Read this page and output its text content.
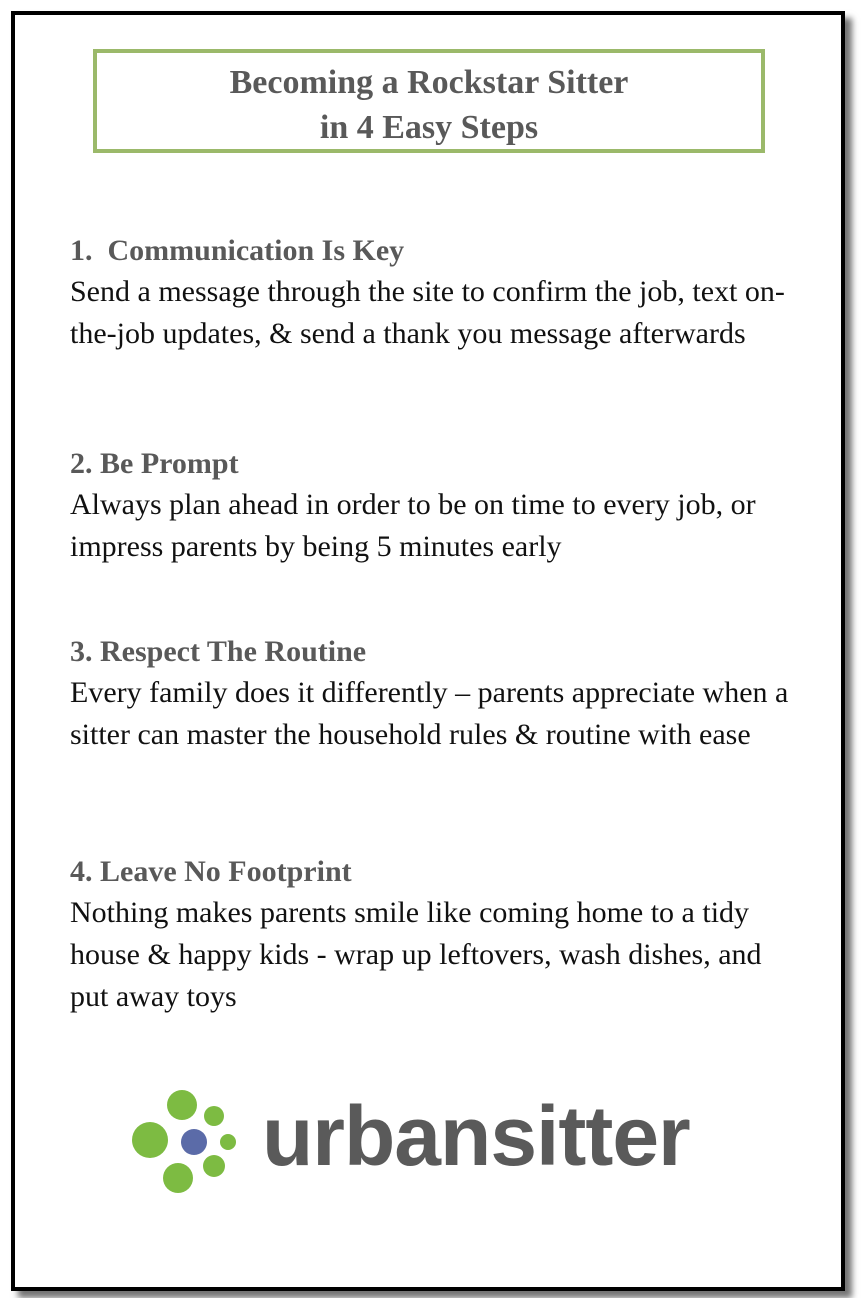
Becoming a Rockstar Sitter
in 4 Easy Steps
1.  Communication Is Key
Send a message through the site to confirm the job, text on-the-job updates, & send a thank you message afterwards
2. Be Prompt
Always plan ahead in order to be on time to every job, or impress parents by being 5 minutes early
3. Respect The Routine
Every family does it differently – parents appreciate when a sitter can master the household rules & routine with ease
4. Leave No Footprint
Nothing makes parents smile like coming home to a tidy house & happy kids - wrap up leftovers, wash dishes, and put away toys
urbansitter
